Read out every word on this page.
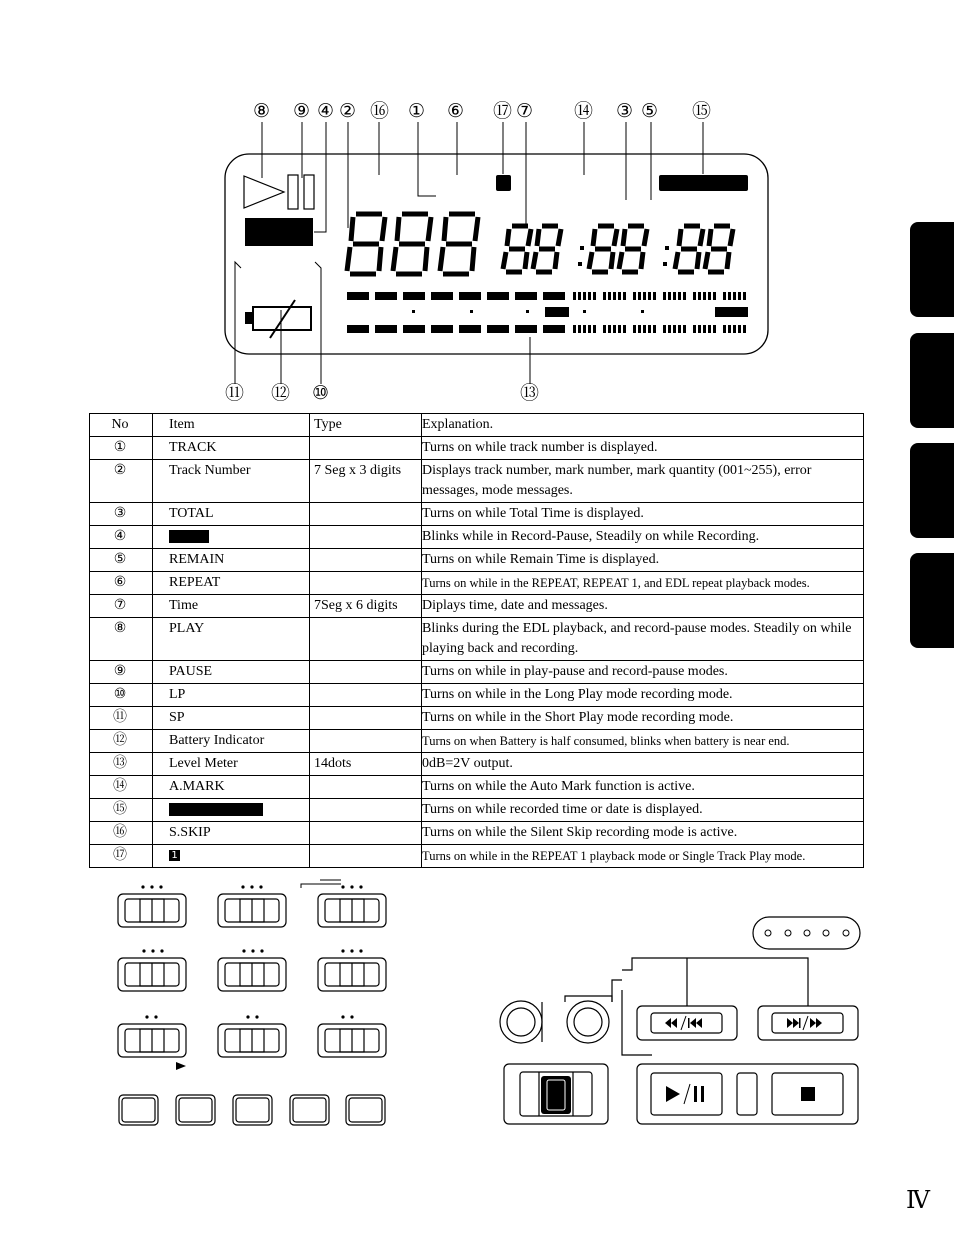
⑧ ⑨ ④ ② ⑯ ① ⑥ ⑰ ⑦ ⑭ ③ ⑤ ⑮
⑪ ⑫ ⑩	⑬
No	Item	Type	Explanation.
①	TRACK		Turns on while track number is displayed.
②	Track Number	7 Seg x 3 digits	Displays track number, mark number, mark quantity (001~255), error messages, mode messages.
③	TOTAL		Turns on while Total Time is displayed.
④			Blinks while in Record-Pause, Steadily on while Recording.
⑤	REMAIN		Turns on while Remain Time is displayed.
⑥	REPEAT		Turns on while in the REPEAT, REPEAT 1, and EDL repeat playback modes.
⑦	Time	7Seg x 6 digits	Diplays time, date and messages.
⑧	PLAY		Blinks during the EDL playback, and record-pause modes. Steadily on while playing back and recording.
⑨	PAUSE		Turns on while in play-pause and record-pause modes.
⑩	LP		Turns on while in the Long Play mode recording mode.
⑪	SP		Turns on while in the Short Play mode recording mode.
⑫	Battery Indicator		Turns on when Battery is half consumed, blinks when battery is near end.
⑬	Level Meter	14dots	0dB=2V output.
⑭	A.MARK		Turns on while the Auto Mark function is active.
⑮			Turns on while recorded time or date is displayed.
⑯	S.SKIP		Turns on while the Silent Skip recording mode is active.
⑰	1		Turns on while in the REPEAT 1 playback mode or Single Track Play mode.
Ⅳ
